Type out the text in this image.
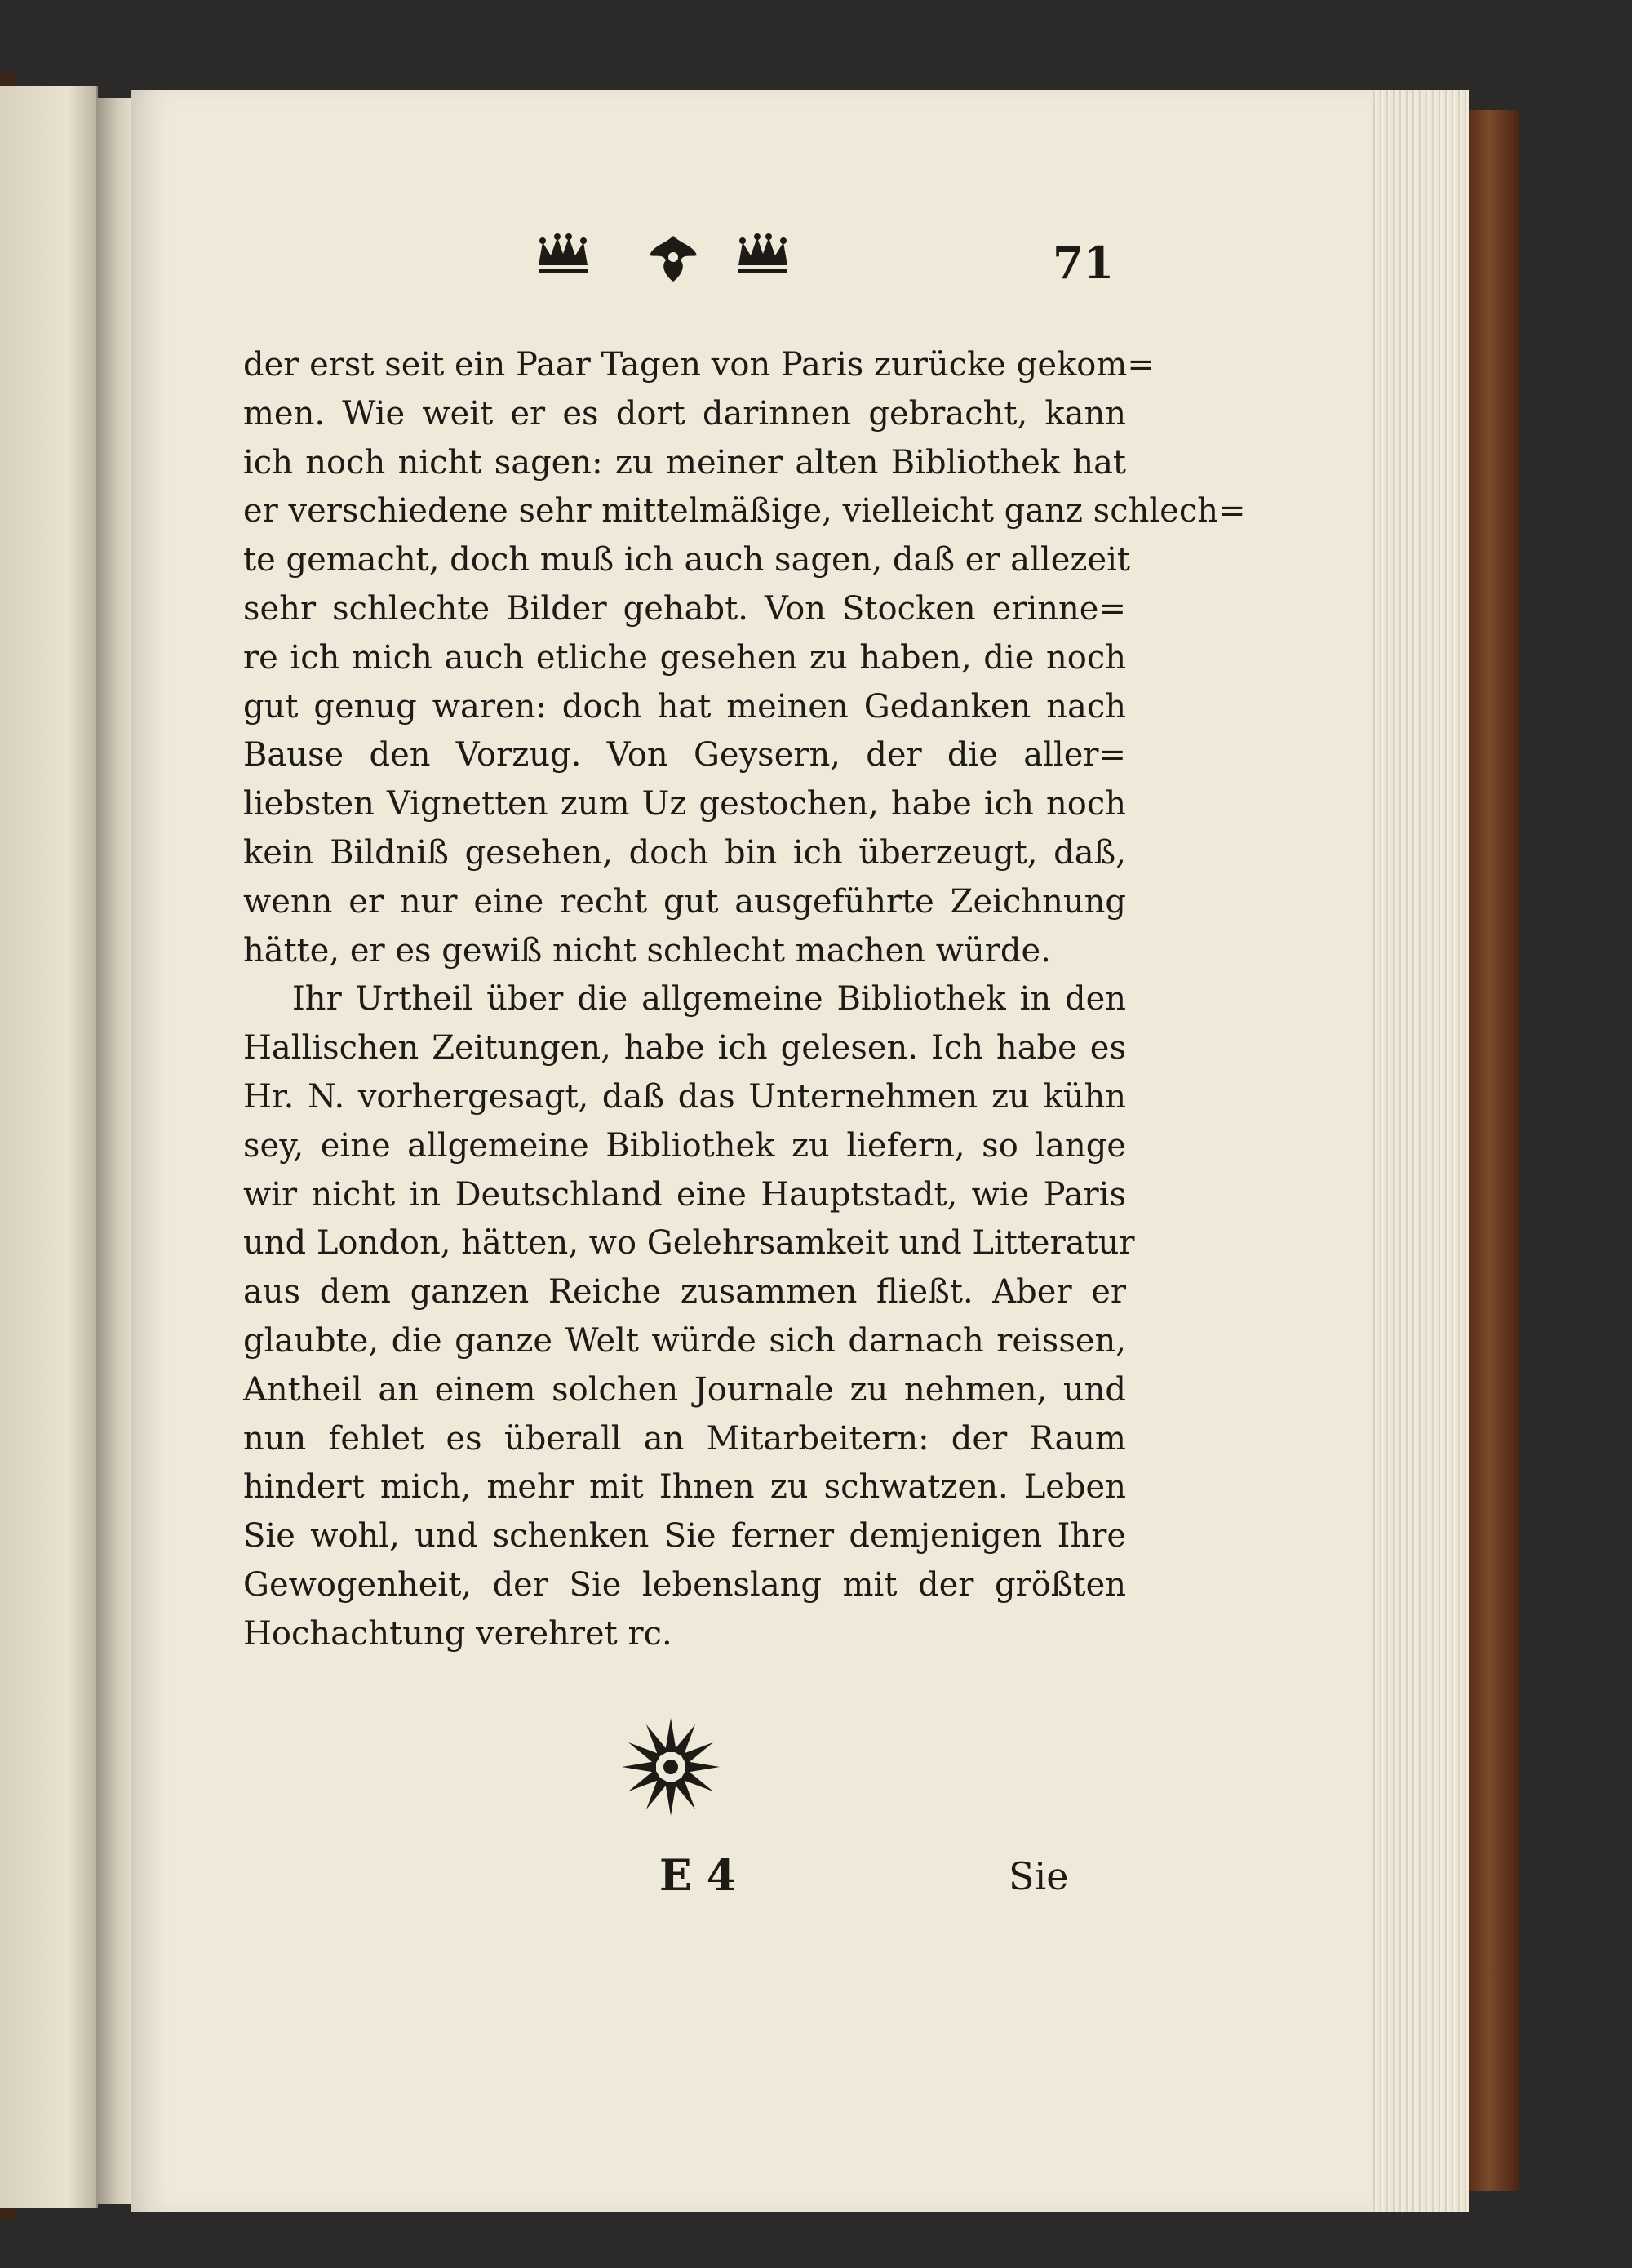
71
der erst seit ein Paar Tagen von Paris zurücke gekom=
men. Wie weit er es dort darinnen gebracht, kann
ich noch nicht sagen: zu meiner alten Bibliothek hat
er verschiedene sehr mittelmäßige, vielleicht ganz schlech=
te gemacht, doch muß ich auch sagen, daß er allezeit
sehr schlechte Bilder gehabt. Von Stocken erinne=
re ich mich auch etliche gesehen zu haben, die noch
gut genug waren: doch hat meinen Gedanken nach
Bause den Vorzug. Von Geysern, der die aller=
liebsten Vignetten zum Uz gestochen, habe ich noch
kein Bildniß gesehen, doch bin ich überzeugt, daß,
wenn er nur eine recht gut ausgeführte Zeichnung
hätte, er es gewiß nicht schlecht machen würde.
Ihr Urtheil über die allgemeine Bibliothek in den
Hallischen Zeitungen, habe ich gelesen. Ich habe es
Hr. N. vorhergesagt, daß das Unternehmen zu kühn
sey, eine allgemeine Bibliothek zu liefern, so lange
wir nicht in Deutschland eine Hauptstadt, wie Paris
und London, hätten, wo Gelehrsamkeit und Litteratur
aus dem ganzen Reiche zusammen fließt. Aber er
glaubte, die ganze Welt würde sich darnach reissen,
Antheil an einem solchen Journale zu nehmen, und
nun fehlet es überall an Mitarbeitern: der Raum
hindert mich, mehr mit Ihnen zu schwatzen. Leben
Sie wohl, und schenken Sie ferner demjenigen Ihre
Gewogenheit, der Sie lebenslang mit der größten
Hochachtung verehret rc.
E 4	Sie
